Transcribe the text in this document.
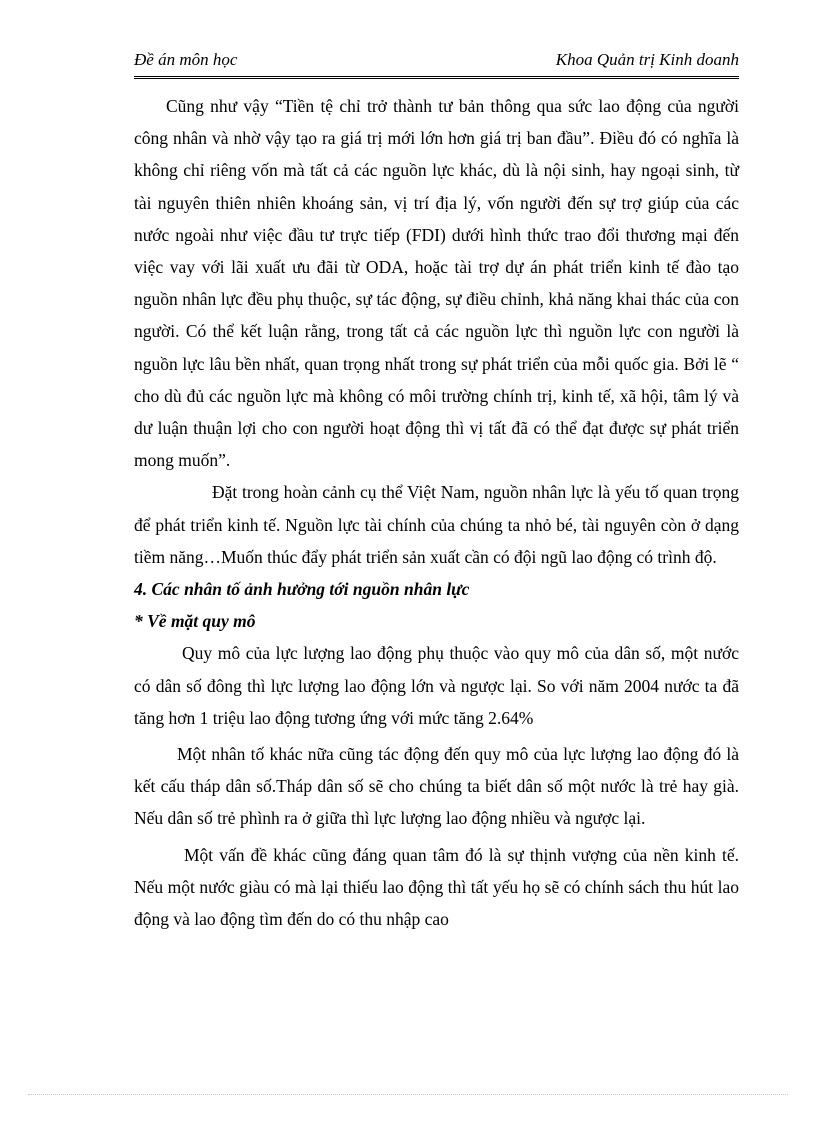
Đề án môn học	Khoa Quản trị Kinh doanh

Cũng như vậy “Tiền tệ chỉ trở thành tư bản thông qua sức lao động của người công nhân và nhờ vậy tạo ra giá trị mới lớn hơn giá trị ban đầu”. Điều đó có nghĩa là không chỉ riêng vốn mà tất cả các nguồn lực khác, dù là nội sinh, hay ngoại sinh, từ tài nguyên thiên nhiên khoáng sản, vị trí địa lý, vốn người đến sự trợ giúp của các nước ngoài như việc đầu tư trực tiếp (FDI) dưới hình thức trao đổi thương mại đến việc vay với lãi xuất ưu đãi từ ODA, hoặc tài trợ dự án phát triển kinh tế đào tạo nguồn nhân lực đều phụ thuộc, sự tác động, sự điều chỉnh, khả năng khai thác của con người. Có thể kết luận rằng, trong tất cả các nguồn lực thì nguồn lực con người là nguồn lực lâu bền nhất, quan trọng nhất trong sự phát triển của mỗi quốc gia. Bởi lẽ “ cho dù đủ các nguồn lực mà không có môi trường chính trị, kinh tế, xã hội, tâm lý và dư luận thuận lợi cho con người hoạt động thì vị tất đã có thể đạt được sự phát triển mong muốn”.

Đặt trong hoàn cảnh cụ thể Việt Nam, nguồn nhân lực là yếu tố quan trọng để phát triển kinh tế. Nguồn lực tài chính của chúng ta nhỏ bé, tài nguyên còn ở dạng tiềm năng…Muốn thúc đẩy phát triển sản xuất cần có đội ngũ lao động có trình độ.

4. Các nhân tố ảnh hưởng tới nguồn nhân lực
* Về mặt quy mô

Quy mô của lực lượng lao động phụ thuộc vào quy mô của dân số, một nước có dân số đông thì lực lượng lao động lớn và ngược lại. So với năm 2004 nước ta đã tăng hơn 1 triệu lao động tương ứng với mức tăng 2.64%

Một nhân tố khác nữa cũng tác động đến quy mô của lực lượng lao động đó là kết cấu tháp dân số.Tháp dân số sẽ cho chúng ta biết dân số một nước là trẻ hay già. Nếu dân số trẻ phình ra ở giữa thì lực lượng lao động nhiều và ngược lại.

Một vấn đề khác cũng đáng quan tâm đó là sự thịnh vượng của nền kinh tế. Nếu một nước giàu có mà lại thiếu lao động thì tất yếu họ sẽ có chính sách thu hút lao động và lao động tìm đến do có thu nhập cao
